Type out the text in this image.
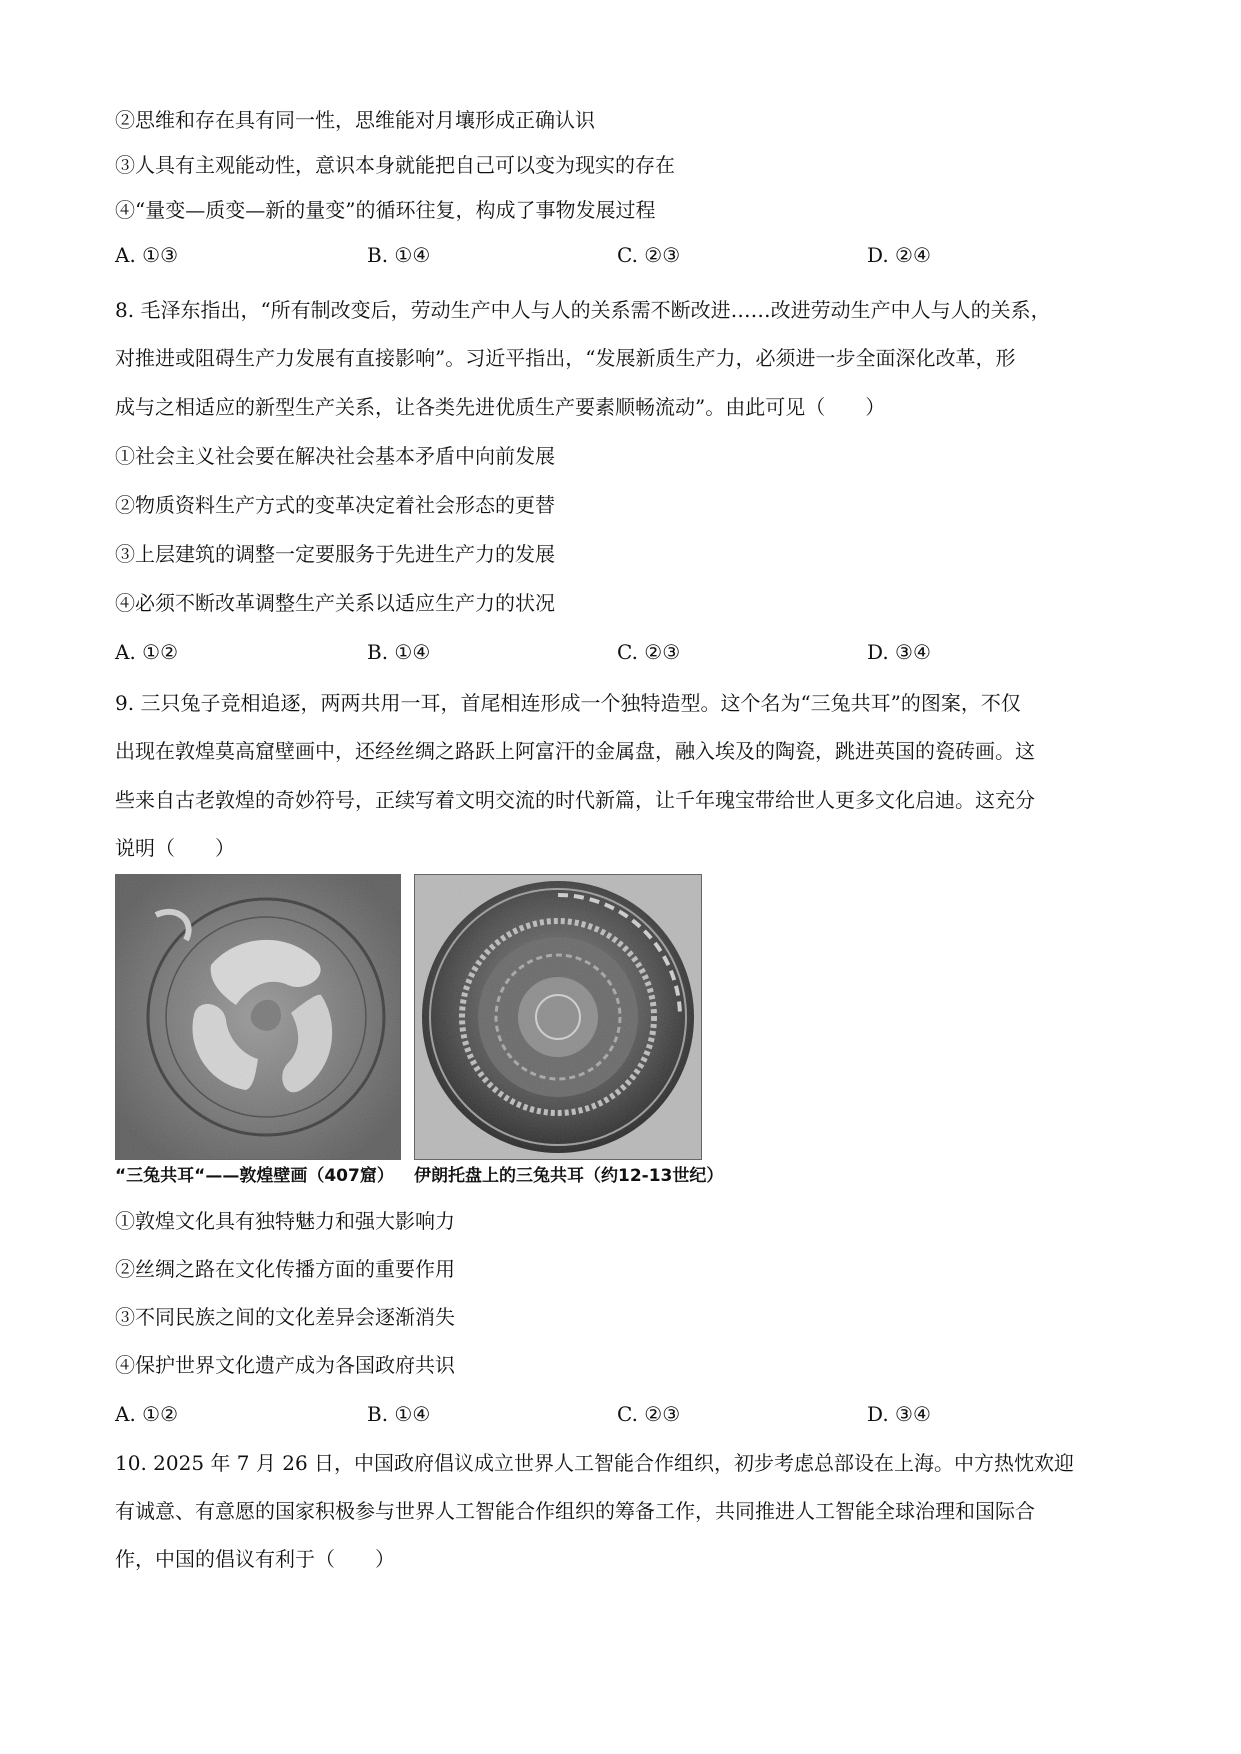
②思维和存在具有同一性，思维能对月壤形成正确认识
③人具有主观能动性，意识本身就能把自己可以变为现实的存在
④“量变—质变—新的量变”的循环往复，构成了事物发展过程
A. ①③	B. ①④	C. ②③	D. ②④
8. 毛泽东指出，“所有制改变后，劳动生产中人与人的关系需不断改进……改进劳动生产中人与人的关系，
对推进或阻碍生产力发展有直接影响”。习近平指出，“发展新质生产力，必须进一步全面深化改革，形
成与之相适应的新型生产关系，让各类先进优质生产要素顺畅流动”。由此可见（　　）
①社会主义社会要在解决社会基本矛盾中向前发展
②物质资料生产方式的变革决定着社会形态的更替
③上层建筑的调整一定要服务于先进生产力的发展
④必须不断改革调整生产关系以适应生产力的状况
A. ①②	B. ①④	C. ②③	D. ③④
9. 三只兔子竞相追逐，两两共用一耳，首尾相连形成一个独特造型。这个名为“三兔共耳”的图案，不仅
出现在敦煌莫高窟壁画中，还经丝绸之路跃上阿富汗的金属盘，融入埃及的陶瓷，跳进英国的瓷砖画。这
些来自古老敦煌的奇妙符号，正续写着文明交流的时代新篇，让千年瑰宝带给世人更多文化启迪。这充分
说明（　　）
“三兔共耳“——敦煌壁画（407窟） 伊朗托盘上的三兔共耳（约12-13世纪）
①敦煌文化具有独特魅力和强大影响力
②丝绸之路在文化传播方面的重要作用
③不同民族之间的文化差异会逐渐消失
④保护世界文化遗产成为各国政府共识
A. ①②	B. ①④	C. ②③	D. ③④
10. 2025 年 7 月 26 日，中国政府倡议成立世界人工智能合作组织，初步考虑总部设在上海。中方热忱欢迎
有诚意、有意愿的国家积极参与世界人工智能合作组织的筹备工作，共同推进人工智能全球治理和国际合
作，中国的倡议有利于（　　）
